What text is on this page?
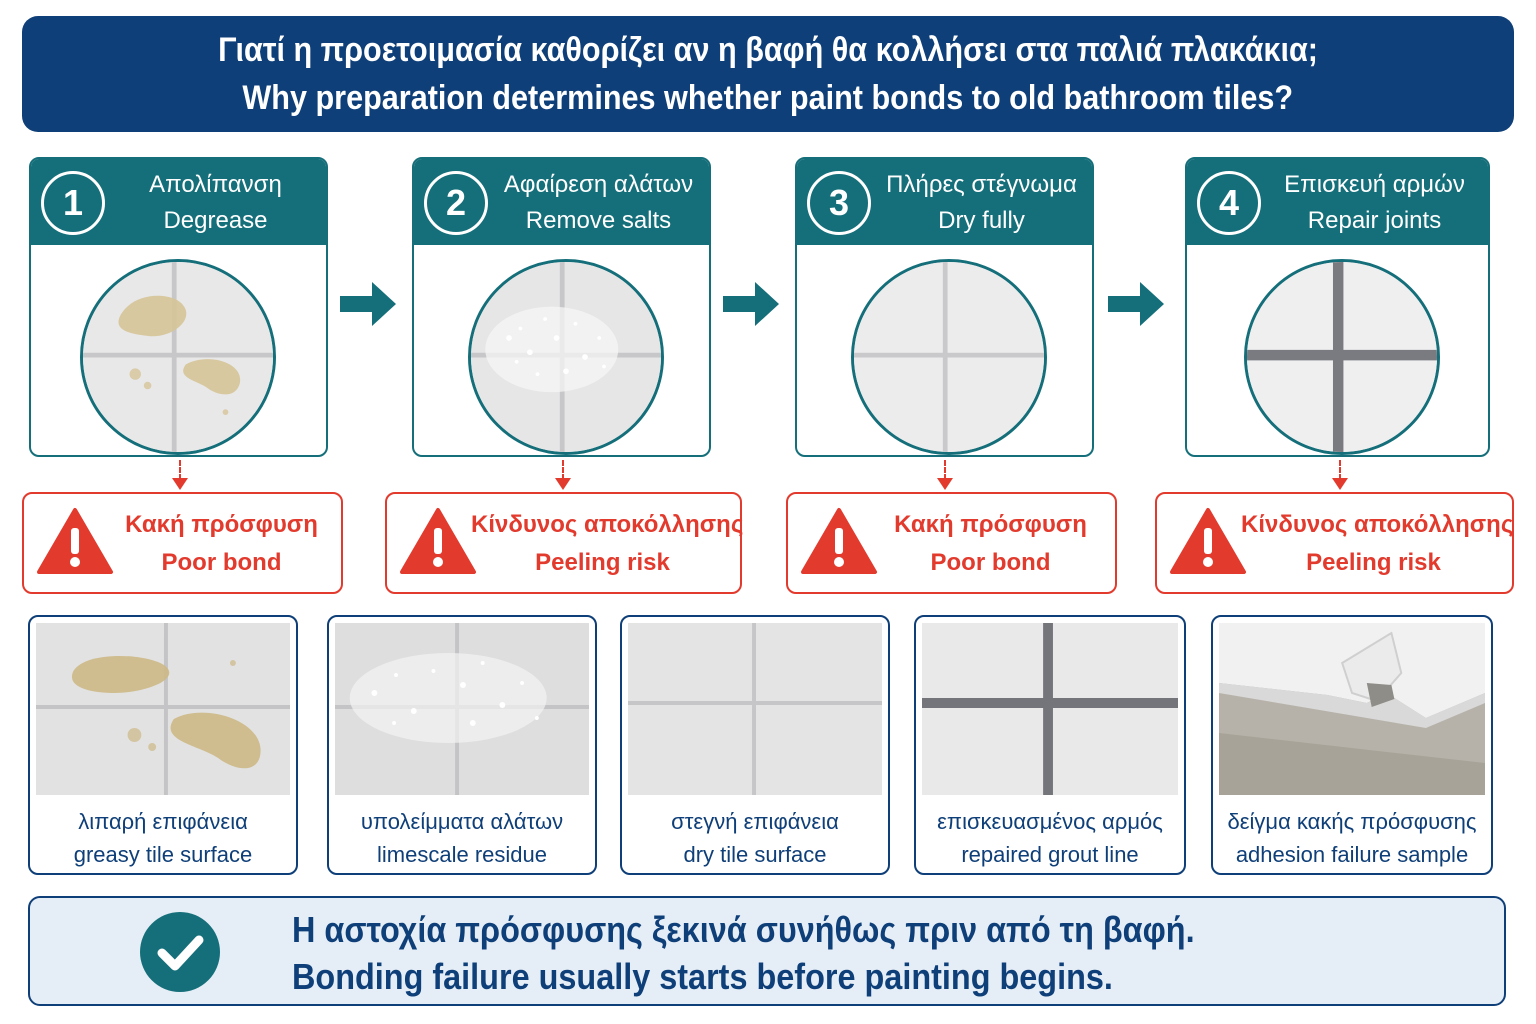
Γιατί η προετοιμασία καθορίζει αν η βαφή θα κολλήσει στα παλιά πλακάκια;
Why preparation determines whether paint bonds to old bathroom tiles?
1	Απολίπανση
Degrease	2	Αφαίρεση αλάτων
Remove salts	3	Πλήρες στέγνωμα
Dry fully	4	Επισκευή αρμών
Repair joints
Κακή πρόσφυση
Poor bond
Κίνδυνος αποκόλλησης
Peeling risk
Κακή πρόσφυση
Poor bond
Κίνδυνος αποκόλλησης
Peeling risk
λιπαρή επιφάνεια
greasy tile surface
υπολείμματα αλάτων
limescale residue
στεγνή επιφάνεια
dry tile surface
επισκευασμένος αρμός
repaired grout line
δείγμα κακής πρόσφυσης
adhesion failure sample
Η αστοχία πρόσφυσης ξεκινά συνήθως πριν από τη βαφή.
Bonding failure usually starts before painting begins.
